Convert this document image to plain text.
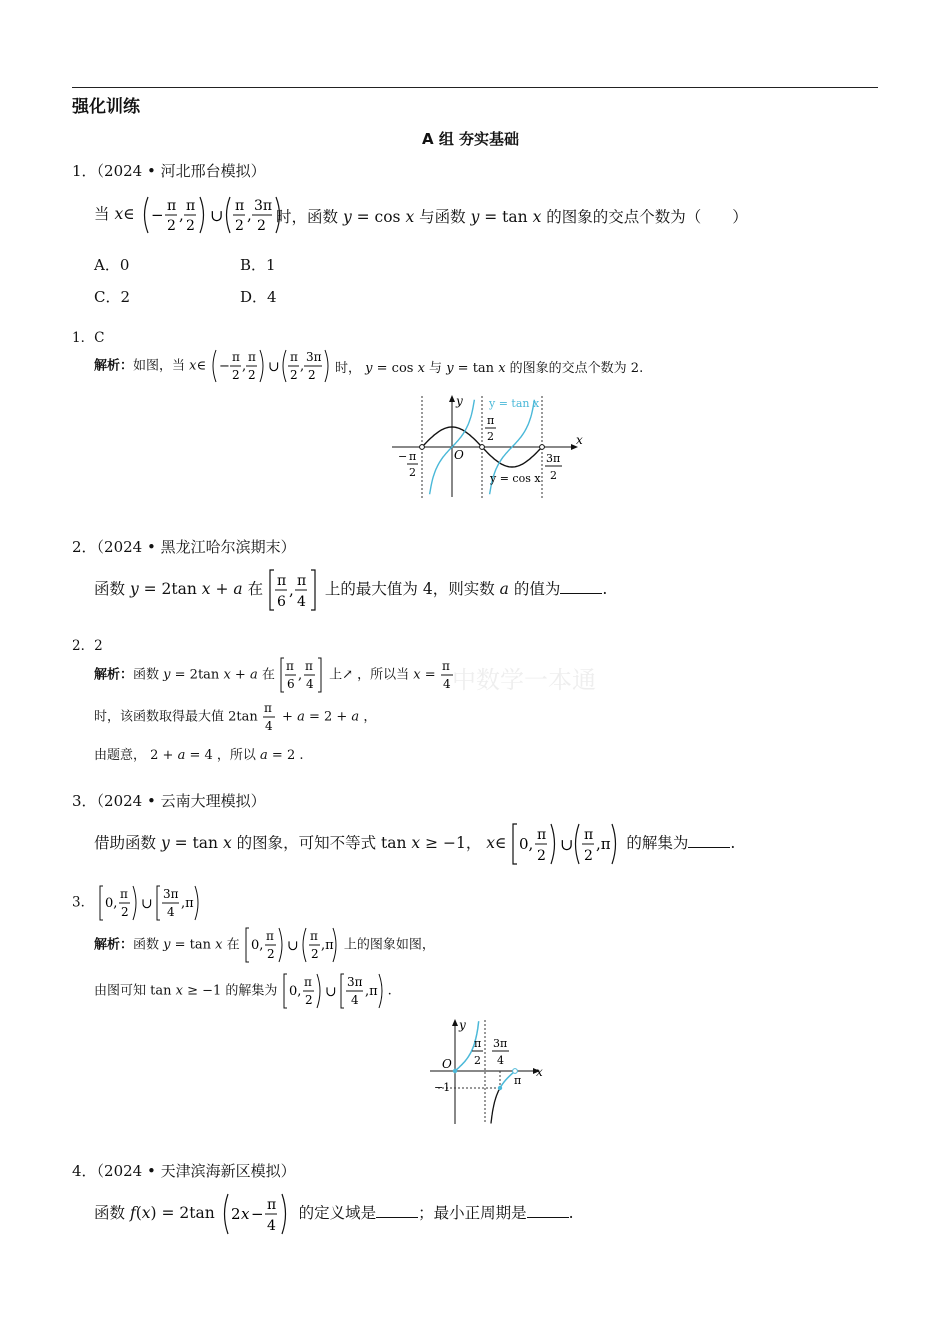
强化训练
A 组 夯实基础
1．（2024 • 河北邢台模拟）
当 x∈ − π
2
, π
2
∪ π
2
, 3π
2 时，函数 y = cos x 与函数 y = tan x 的图象的交点个数为（　　）
A．0	B．1
C．2	D．4
1．C
解析：如图，当 x∈ −
π
2
,
π
2 ∪
π
2
,
3π
2 时， y = cos x 与 y = tan x 的图象的交点个数为 2.
y
x
O
y = tan x
y = cos x
π
2
− π
2
3π
2
2．（2024 • 黑龙江哈尔滨期末）
函数 y = 2tan x + a 在 π
6
, π
4
上的最大值为 4，则实数 a 的值为	.
2．2
解析：函数 y = 2tan x + a 在
π
6
,
π
4
上↗ ，所以当 x =
π
4
时，该函数取得最大值 2tan
π
4
+ a = 2 + a ，
由题意， 2 + a = 4 ，所以 a = 2 .
中数学一本通
3．（2024 • 云南大理模拟）
借助函数 y = tan x 的图象，可知不等式 tan x ≥ −1， x∈ 0, π
2
∪ π
2
,π 的解集为	.
3． 0,
π
2 ∪
3π
4
,π
解析：函数 y = tan x 在 0,
π
2 ∪
π
2
,π 上的图象如图，
由图可知 tan x ≥ −1 的解集为 0,
π
2 ∪
3π
4
,π .
y
x
O
−1
π
2
3π
4
π
4．（2024 • 天津滨海新区模拟）
函数 f(x) = 2tan 2 x − π
4
的定义域是	；最小正周期是	.
